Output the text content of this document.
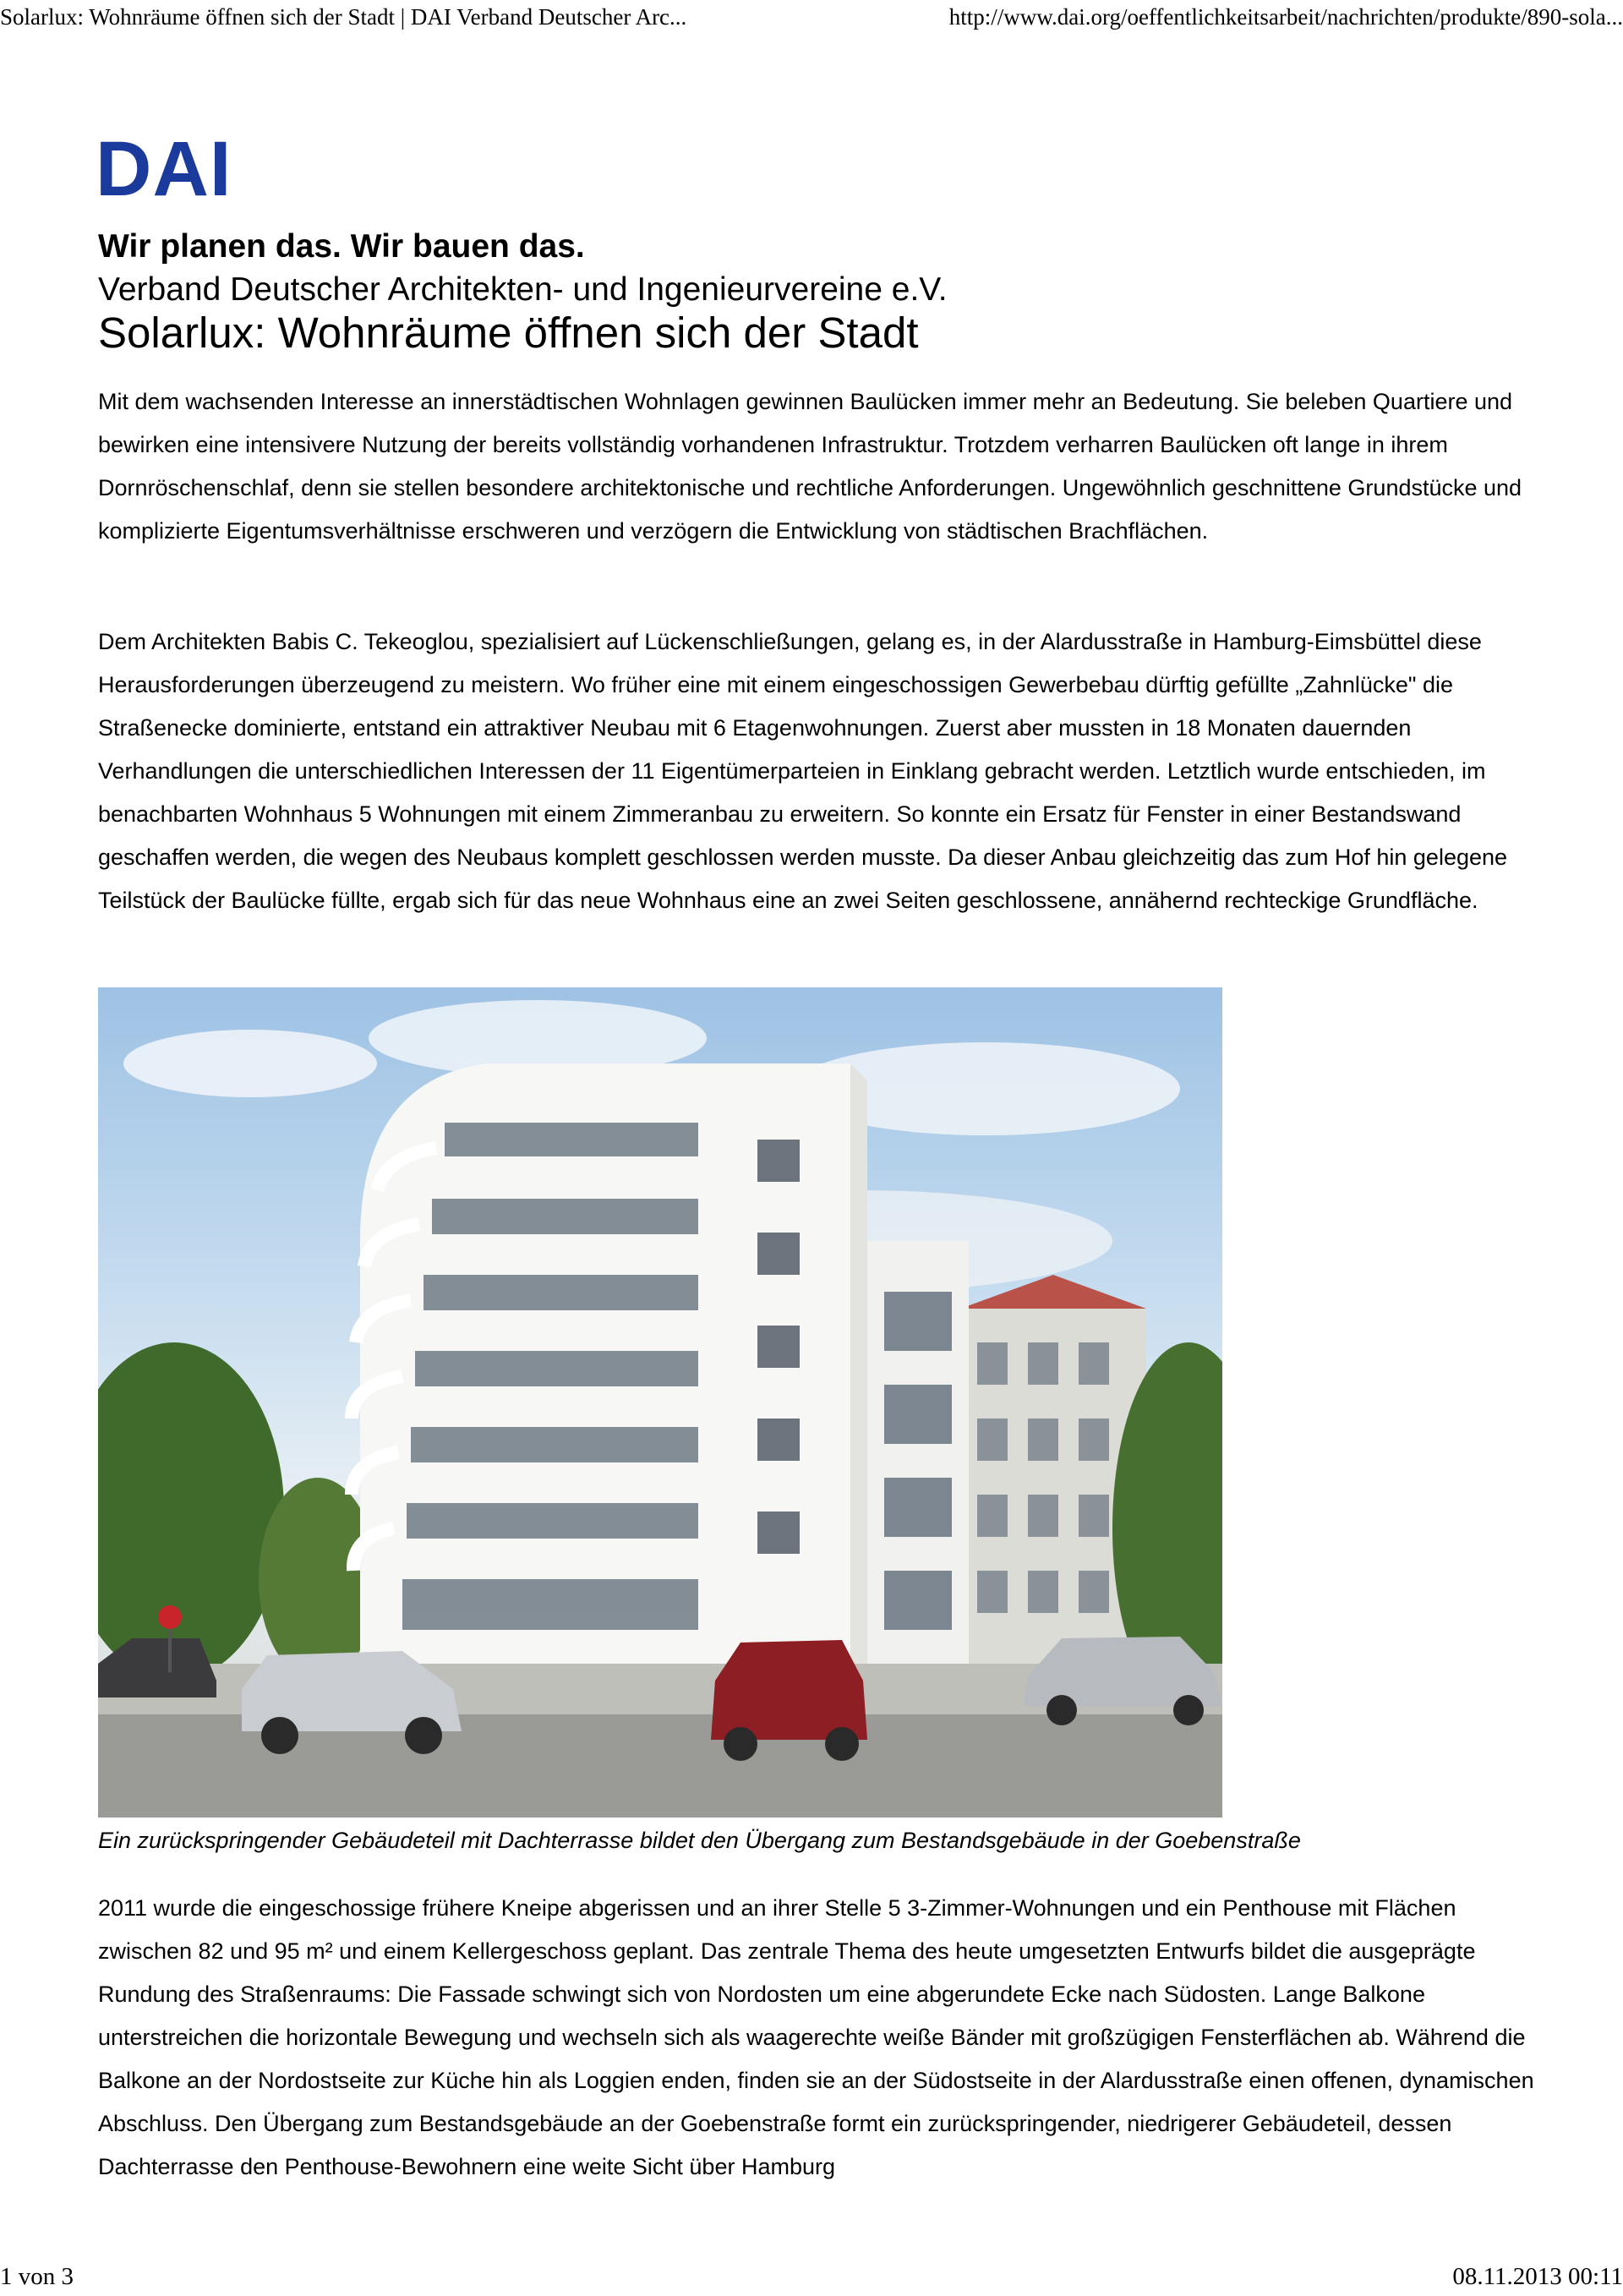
Solarlux: Wohnräume öffnen sich der Stadt | DAI Verband Deutscher Arc...	http://www.dai.org/oeffentlichkeitsarbeit/nachrichten/produkte/890-sola...
DAI
Wir planen das. Wir bauen das.
Verband Deutscher Architekten- und Ingenieurvereine e.V.
Solarlux: Wohnräume öffnen sich der Stadt

Mit dem wachsenden Interesse an innerstädtischen Wohnlagen gewinnen Baulücken immer mehr an Bedeutung. Sie beleben Quartiere und bewirken eine intensivere Nutzung der bereits vollständig vorhandenen Infrastruktur. Trotzdem verharren Baulücken oft lange in ihrem Dornröschenschlaf, denn sie stellen besondere architektonische und rechtliche Anforderungen. Ungewöhnlich geschnittene Grundstücke und komplizierte Eigentumsverhältnisse erschweren und verzögern die Entwicklung von städtischen Brachflächen.

Dem Architekten Babis C. Tekeoglou, spezialisiert auf Lückenschließungen, gelang es, in der Alardusstraße in Hamburg-Eimsbüttel diese Herausforderungen überzeugend zu meistern. Wo früher eine mit einem eingeschossigen Gewerbebau dürftig gefüllte „Zahnlücke" die Straßenecke dominierte, entstand ein attraktiver Neubau mit 6 Etagenwohnungen. Zuerst aber mussten in 18 Monaten dauernden Verhandlungen die unterschiedlichen Interessen der 11 Eigentümerparteien in Einklang gebracht werden. Letztlich wurde entschieden, im benachbarten Wohnhaus 5 Wohnungen mit einem Zimmeranbau zu erweitern. So konnte ein Ersatz für Fenster in einer Bestandswand geschaffen werden, die wegen des Neubaus komplett geschlossen werden musste. Da dieser Anbau gleichzeitig das zum Hof hin gelegene Teilstück der Baulücke füllte, ergab sich für das neue Wohnhaus eine an zwei Seiten geschlossene, annähernd rechteckige Grundfläche.

Ein zurückspringender Gebäudeteil mit Dachterrasse bildet den Übergang zum Bestandsgebäude in der Goebenstraße

2011 wurde die eingeschossige frühere Kneipe abgerissen und an ihrer Stelle 5 3-Zimmer-Wohnungen und ein Penthouse mit Flächen zwischen 82 und 95 m² und einem Kellergeschoss geplant. Das zentrale Thema des heute umgesetzten Entwurfs bildet die ausgeprägte Rundung des Straßenraums: Die Fassade schwingt sich von Nordosten um eine abgerundete Ecke nach Südosten. Lange Balkone unterstreichen die horizontale Bewegung und wechseln sich als waagerechte weiße Bänder mit großzügigen Fensterflächen ab. Während die Balkone an der Nordostseite zur Küche hin als Loggien enden, finden sie an der Südostseite in der Alardusstraße einen offenen, dynamischen Abschluss. Den Übergang zum Bestandsgebäude an der Goebenstraße formt ein zurückspringender, niedrigerer Gebäudeteil, dessen Dachterrasse den Penthouse-Bewohnern eine weite Sicht über Hamburg

1 von 3	08.11.2013 00:11
